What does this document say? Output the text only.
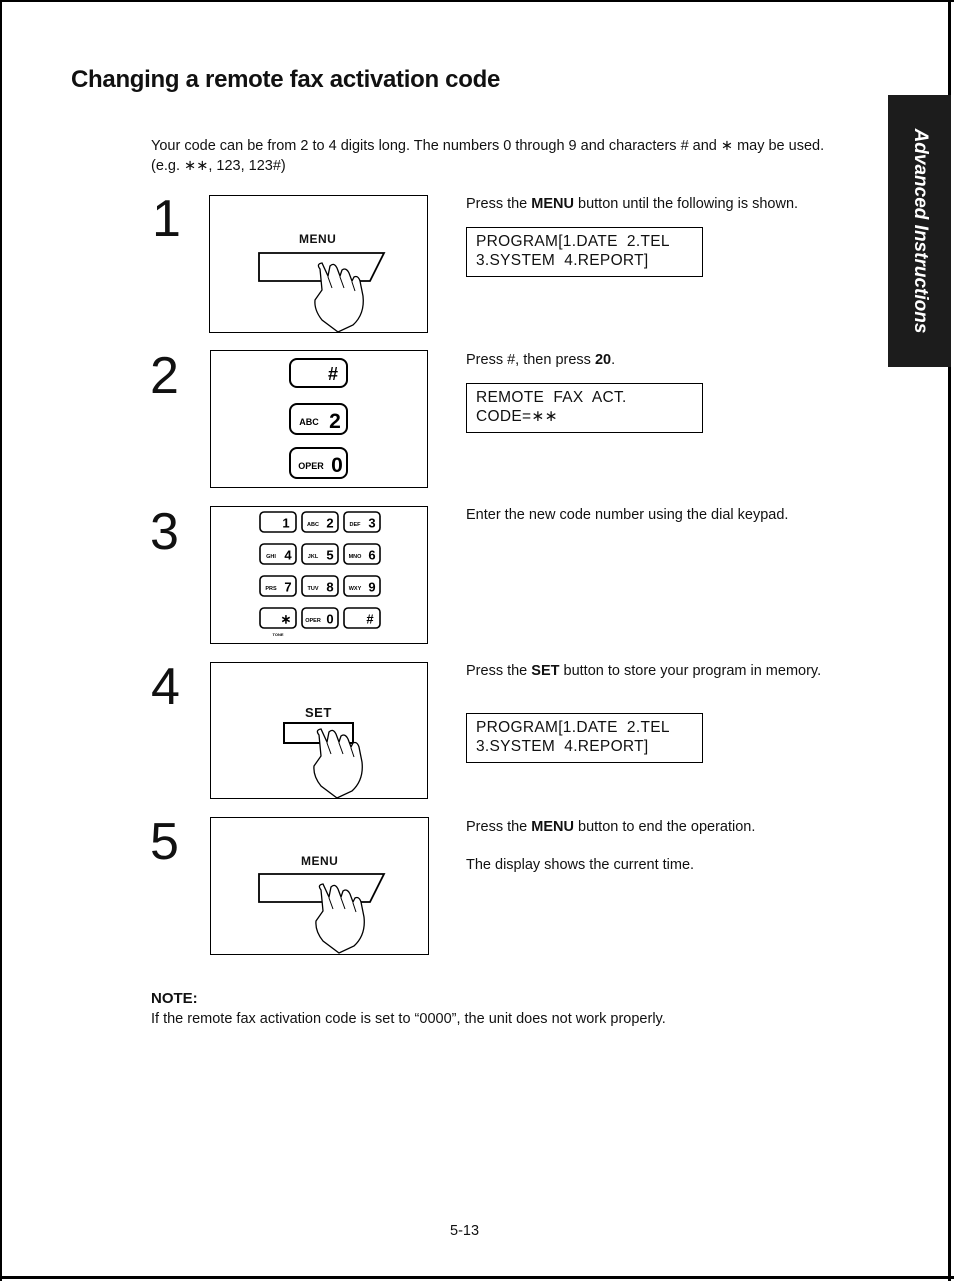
Changing a remote fax activation code

Your code can be from 2 to 4 digits long. The numbers 0 through 9 and characters # and ∗ may be used. (e.g. ∗∗, 123, 123#)	Advanced Instructions
1	MENU

Press the MENU button until the following is shown.

PROGRAM[1.DATE  2.TEL
3.SYSTEM  4.REPORT]
2	#
ABC 2
OPER 0

Press #, then press 20.

REMOTE  FAX  ACT.
CODE=∗∗
3	1	ABC 2	DEF 3
GHI 4	JKL 5	MNO 6
PRS 7	TUV 8	WXY 9
∗	OPER 0	#
TONE

Enter the new code number using the dial keypad.

4	SET

Press the SET button to store your program in memory.

PROGRAM[1.DATE  2.TEL
3.SYSTEM  4.REPORT]
5	MENU

Press the MENU button to end the operation.

The display shows the current time.

NOTE:

If the remote fax activation code is set to “0000”, the unit does not work properly.

5-13
